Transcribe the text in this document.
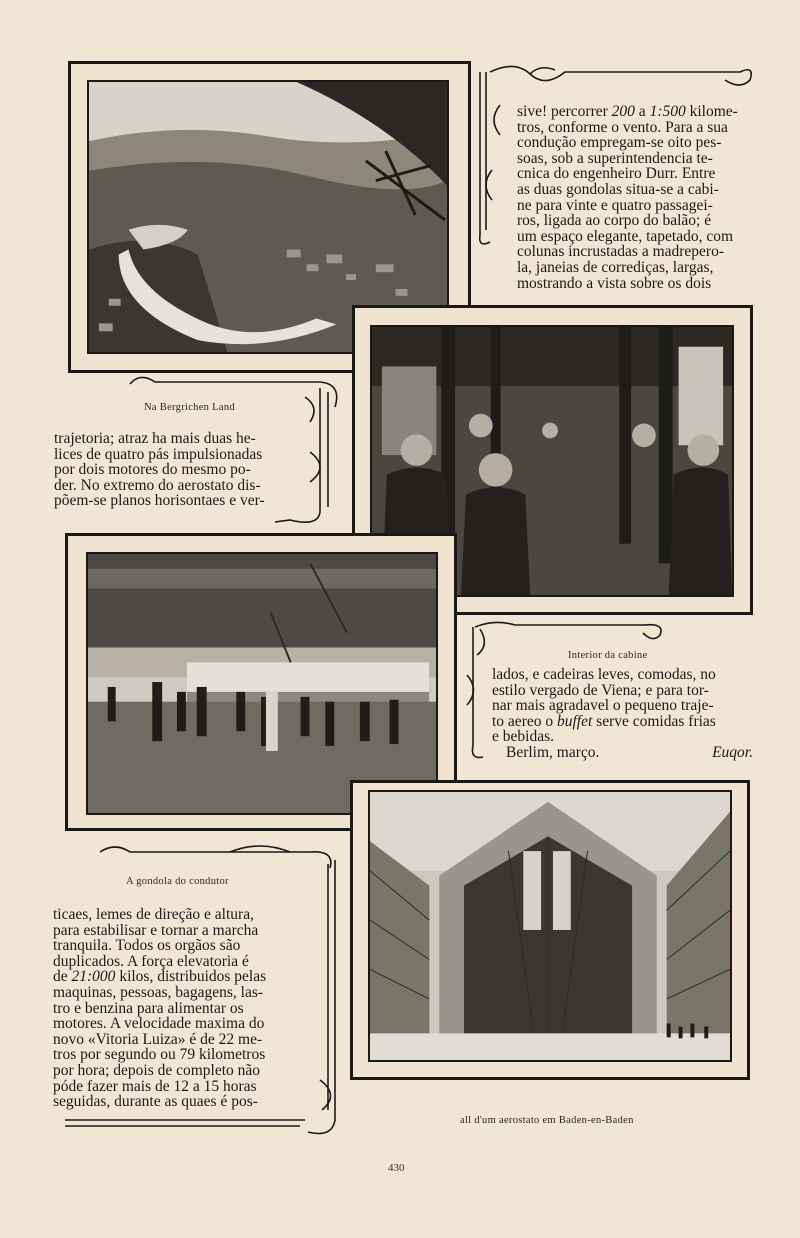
Na Bergrichen Land
Interior da cabine
A gondola do condutor
all d'um aerostato em Baden-en-Baden

sive! percorrer 200 a 1:500 kilome-

tros, conforme o vento. Para a sua

condução empregam-se oito pes-

soas, sob a superintendencia te-

cnica do engenheiro Durr. Entre

as duas gondolas situa-se a cabi-

ne para vinte e quatro passagei-

ros, ligada ao corpo do balão; é

um espaço elegante, tapetado, com

colunas incrustadas a madrepero-

la, janeias de corrediças, largas,

mostrando a vista sobre os dois

trajetoria; atraz ha mais duas he-

lices de quatro pás impulsionadas

por dois motores do mesmo po-

der. No extremo do aerostato dis-

põem-se planos horisontaes e ver-

lados, e cadeiras leves, comodas, no

estilo vergado de Viena; e para tor-

nar mais agradavel o pequeno traje-

to aereo o buffet serve comidas frias

e bebidas.

Berlim, março.	Euqor.

ticaes, lemes de direção e altura,

para estabilisar e tornar a marcha

tranquila. Todos os orgãos são

duplicados. A força elevatoria é

de 21:000 kilos, distribuidos pelas

maquinas, pessoas, bagagens, las-

tro e benzina para alimentar os

motores. A velocidade maxima do

novo «Vitoria Luiza» é de 22 me-

tros por segundo ou 79 kilometros

por hora; depois de completo não

póde fazer mais de 12 a 15 horas

seguidas, durante as quaes é pos-

430
